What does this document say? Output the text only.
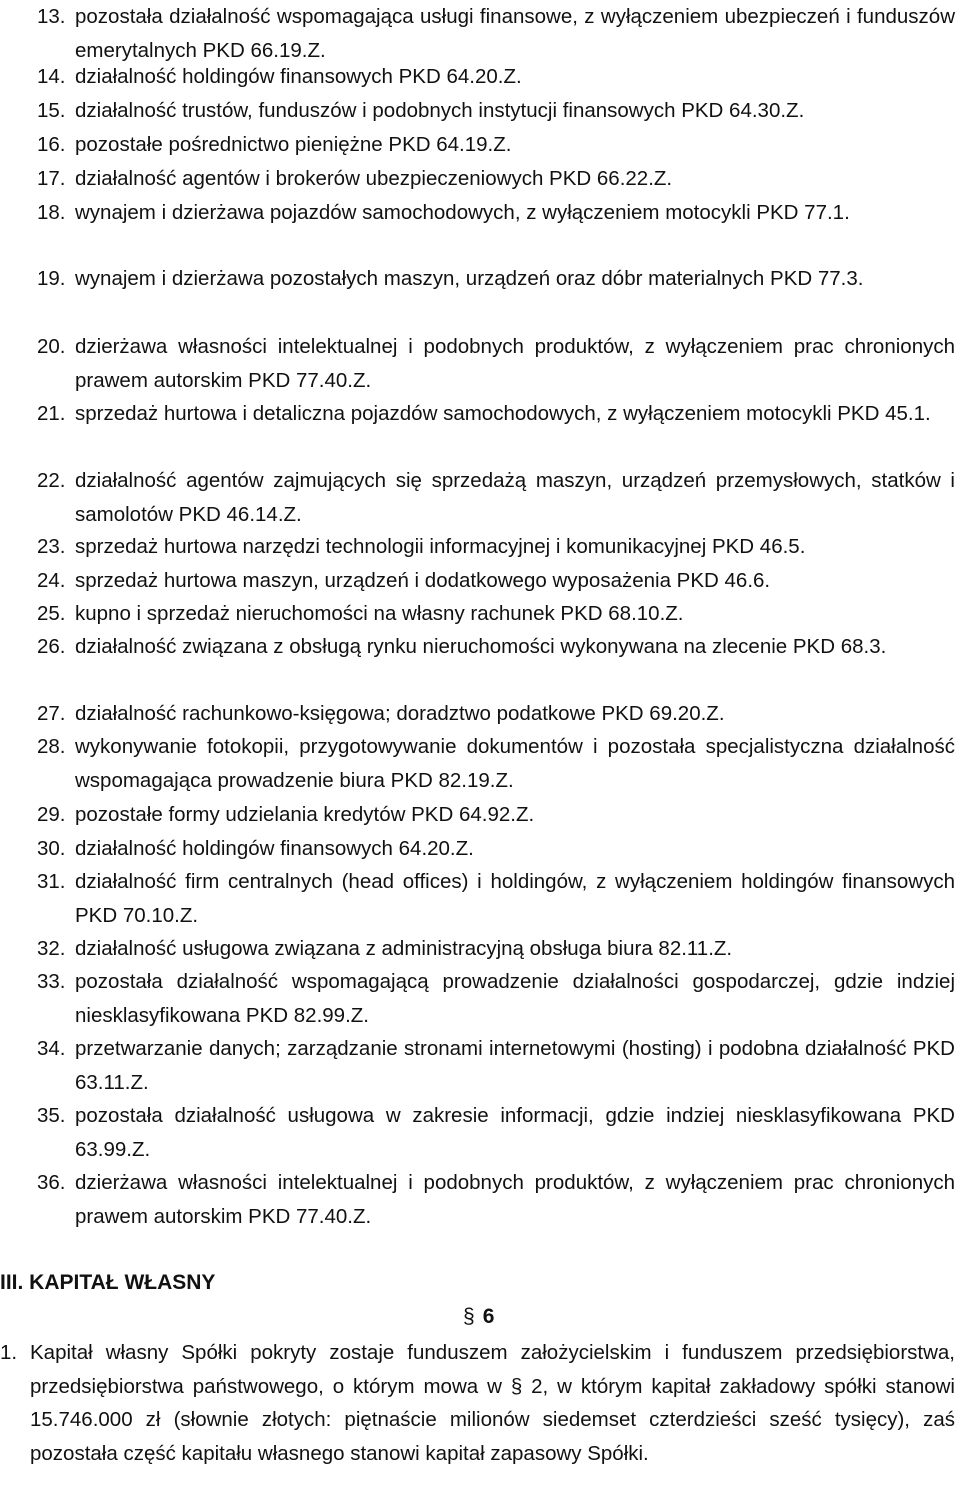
13. pozostała działalność wspomagająca usługi finansowe, z wyłączeniem ubezpieczeń i funduszów emerytalnych PKD 66.19.Z.
14. działalność holdingów finansowych PKD 64.20.Z.
15. działalność trustów, funduszów i podobnych instytucji finansowych PKD 64.30.Z.
16. pozostałe pośrednictwo pieniężne PKD 64.19.Z.
17. działalność agentów i brokerów ubezpieczeniowych PKD 66.22.Z.
18. wynajem i dzierżawa pojazdów samochodowych, z wyłączeniem motocykli PKD 77.1.
19. wynajem i dzierżawa pozostałych maszyn, urządzeń oraz dóbr materialnych PKD 77.3.
20. dzierżawa własności intelektualnej i podobnych produktów, z wyłączeniem prac chronionych prawem autorskim PKD 77.40.Z.
21. sprzedaż hurtowa i detaliczna pojazdów samochodowych, z wyłączeniem motocykli PKD 45.1.
22. działalność agentów zajmujących się sprzedażą maszyn, urządzeń przemysłowych, statków i samolotów PKD 46.14.Z.
23. sprzedaż hurtowa narzędzi technologii informacyjnej i komunikacyjnej PKD 46.5.
24. sprzedaż hurtowa maszyn, urządzeń i dodatkowego wyposażenia PKD 46.6.
25. kupno i sprzedaż nieruchomości na własny rachunek PKD 68.10.Z.
26. działalność związana z obsługą rynku nieruchomości wykonywana na zlecenie PKD 68.3.
27. działalność rachunkowo-księgowa; doradztwo podatkowe PKD 69.20.Z.
28. wykonywanie fotokopii, przygotowywanie dokumentów i pozostała specjalistyczna działalność wspomagająca prowadzenie biura PKD 82.19.Z.
29. pozostałe formy udzielania kredytów PKD 64.92.Z.
30. działalność holdingów finansowych 64.20.Z.
31. działalność firm centralnych (head offices) i holdingów, z wyłączeniem holdingów finansowych PKD 70.10.Z.
32. działalność usługowa związana z administracyjną obsługa biura 82.11.Z.
33. pozostała działalność wspomagającą prowadzenie działalności gospodarczej, gdzie indziej niesklasyfikowana PKD 82.99.Z.
34. przetwarzanie danych; zarządzanie stronami internetowymi (hosting) i podobna działalność PKD 63.11.Z.
35. pozostała działalność usługowa w zakresie informacji, gdzie indziej niesklasyfikowana PKD 63.99.Z.
36. dzierżawa własności intelektualnej i podobnych produktów, z wyłączeniem prac chronionych prawem autorskim PKD 77.40.Z.
III. KAPITAŁ WŁASNY
§ 6
1. Kapitał własny Spółki pokryty zostaje funduszem założycielskim i funduszem przedsiębiorstwa, przedsiębiorstwa państwowego, o którym mowa w § 2, w którym kapitał zakładowy spółki stanowi 15.746.000 zł (słownie złotych: piętnaście milionów siedemset czterdzieści sześć tysięcy), zaś pozostała część kapitału własnego stanowi kapitał zapasowy Spółki.
